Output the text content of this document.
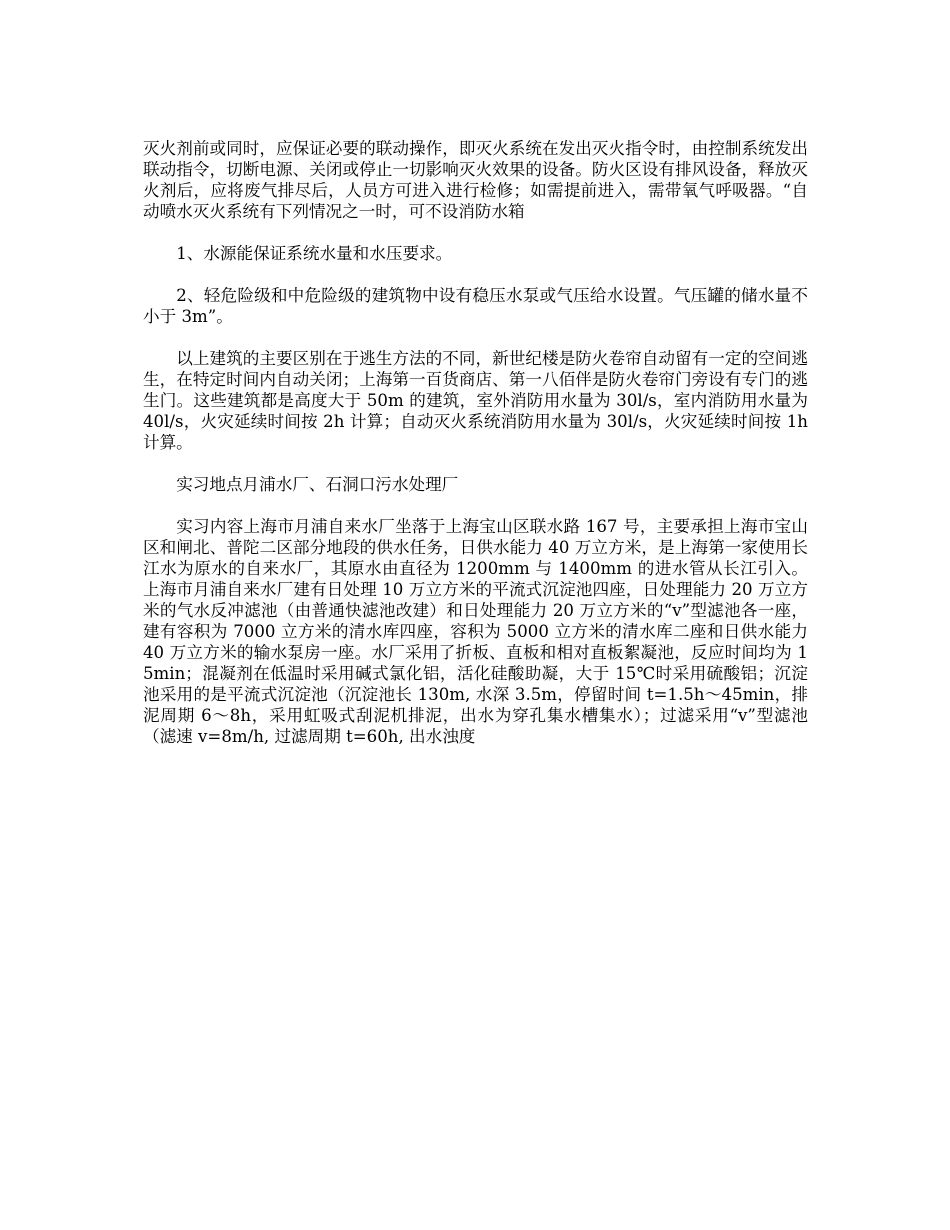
灭火剂前或同时，应保证必要的联动操作，即灭火系统在发出灭火指令时，由控制系统发出联动指令，切断电源、关闭或停止一切影响灭火效果的设备。防火区设有排风设备，释放灭火剂后，应将废气排尽后，人员方可进入进行检修；如需提前进入，需带氧气呼吸器。“自动喷水灭火系统有下列情况之一时，可不设消防水箱

1、水源能保证系统水量和水压要求。

2、轻危险级和中危险级的建筑物中设有稳压水泵或气压给水设置。气压罐的储水量不小于 3m”。

以上建筑的主要区别在于逃生方法的不同，新世纪楼是防火卷帘自动留有一定的空间逃生，在特定时间内自动关闭；上海第一百货商店、第一八佰伴是防火卷帘门旁设有专门的逃生门。这些建筑都是高度大于 50m 的建筑，室外消防用水量为 30l/s，室内消防用水量为 40l/s，火灾延续时间按 2h 计算；自动灭火系统消防用水量为 30l/s，火灾延续时间按 1h 计算。

实习地点月浦水厂、石洞口污水处理厂

实习内容上海市月浦自来水厂坐落于上海宝山区联水路 167 号，主要承担上海市宝山区和闸北、普陀二区部分地段的供水任务，日供水能力 40 万立方米，是上海第一家使用长江水为原水的自来水厂，其原水由直径为 1200mm 与 1400mm 的进水管从长江引入。上海市月浦自来水厂建有日处理 10 万立方米的平流式沉淀池四座，日处理能力 20 万立方米的气水反冲滤池（由普通快滤池改建）和日处理能力 20 万立方米的“v”型滤池各一座，建有容积为 7000 立方米的清水库四座，容积为 5000 立方米的清水库二座和日供水能力 40 万立方米的输水泵房一座。水厂采用了折板、直板和相对直板絮凝池，反应时间均为 15min；混凝剂在低温时采用碱式氯化铝，活化硅酸助凝，大于 15℃时采用硫酸铝；沉淀池采用的是平流式沉淀池（沉淀池长 130m, 水深 3.5m，停留时间 t=1.5h～45min，排泥周期 6～8h，采用虹吸式刮泥机排泥，出水为穿孔集水槽集水）；过滤采用“v”型滤池（滤速 v=8m/h, 过滤周期 t=60h, 出水浊度
